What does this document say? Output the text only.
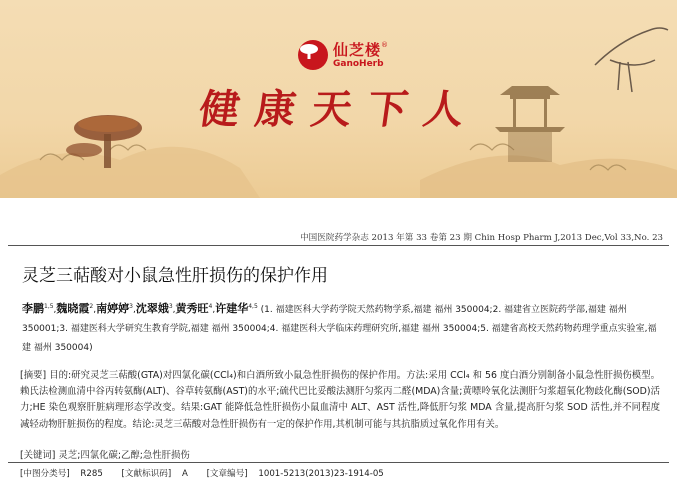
仙芝楼®
GanoHerb
健康天下人
中国医院药学杂志 2013 年第 33 卷第 23 期 Chin Hosp Pharm J,2013 Dec,Vol 33,No. 23
灵芝三萜酸对小鼠急性肝损伤的保护作用
李鹏$^{1,5}$,魏晓霞$^2$,南婷婷$^3$,沈翠娥$^3$,黄秀旺$^4$,许建华$^{4,5}$ (1. 福建医科大学药学院天然药物学系,福建 福州 350004;2. 福建省立医院药学部,福建 福州 350001;3. 福建医科大学研究生教育学院,福建 福州 350004;4. 福建医科大学临床药理研究所,福建 福州 350004;5. 福建省高校天然药物药理学重点实验室,福建 福州 350004)
[摘要] 目的:研究灵芝三萜酸(GTA)对四氯化碳(CCl₄)和白酒所致小鼠急性肝损伤的保护作用。方法:采用 CCl₄ 和 56 度白酒分别制备小鼠急性肝损伤模型。赖氏法检测血清中谷丙转氨酶(ALT)、谷草转氨酶(AST)的水平;硫代巴比妥酸法测肝匀浆丙二醛(MDA)含量;黄嘌呤氧化法测肝匀浆超氧化物歧化酶(SOD)活力;HE 染色观察肝脏病理形态学改变。结果:GAT 能降低急性肝损伤小鼠血清中 ALT、AST 活性,降低肝匀浆 MDA 含量,提高肝匀浆 SOD 活性,并不同程度减轻动物肝脏损伤的程度。结论:灵芝三萜酸对急性肝损伤有一定的保护作用,其机制可能与其抗脂质过氧化作用有关。
[关键词] 灵芝;四氯化碳;乙醇;急性肝损伤
[中图分类号] R285 [文献标识码] A [文章编号] 1001-5213(2013)23-1914-05
